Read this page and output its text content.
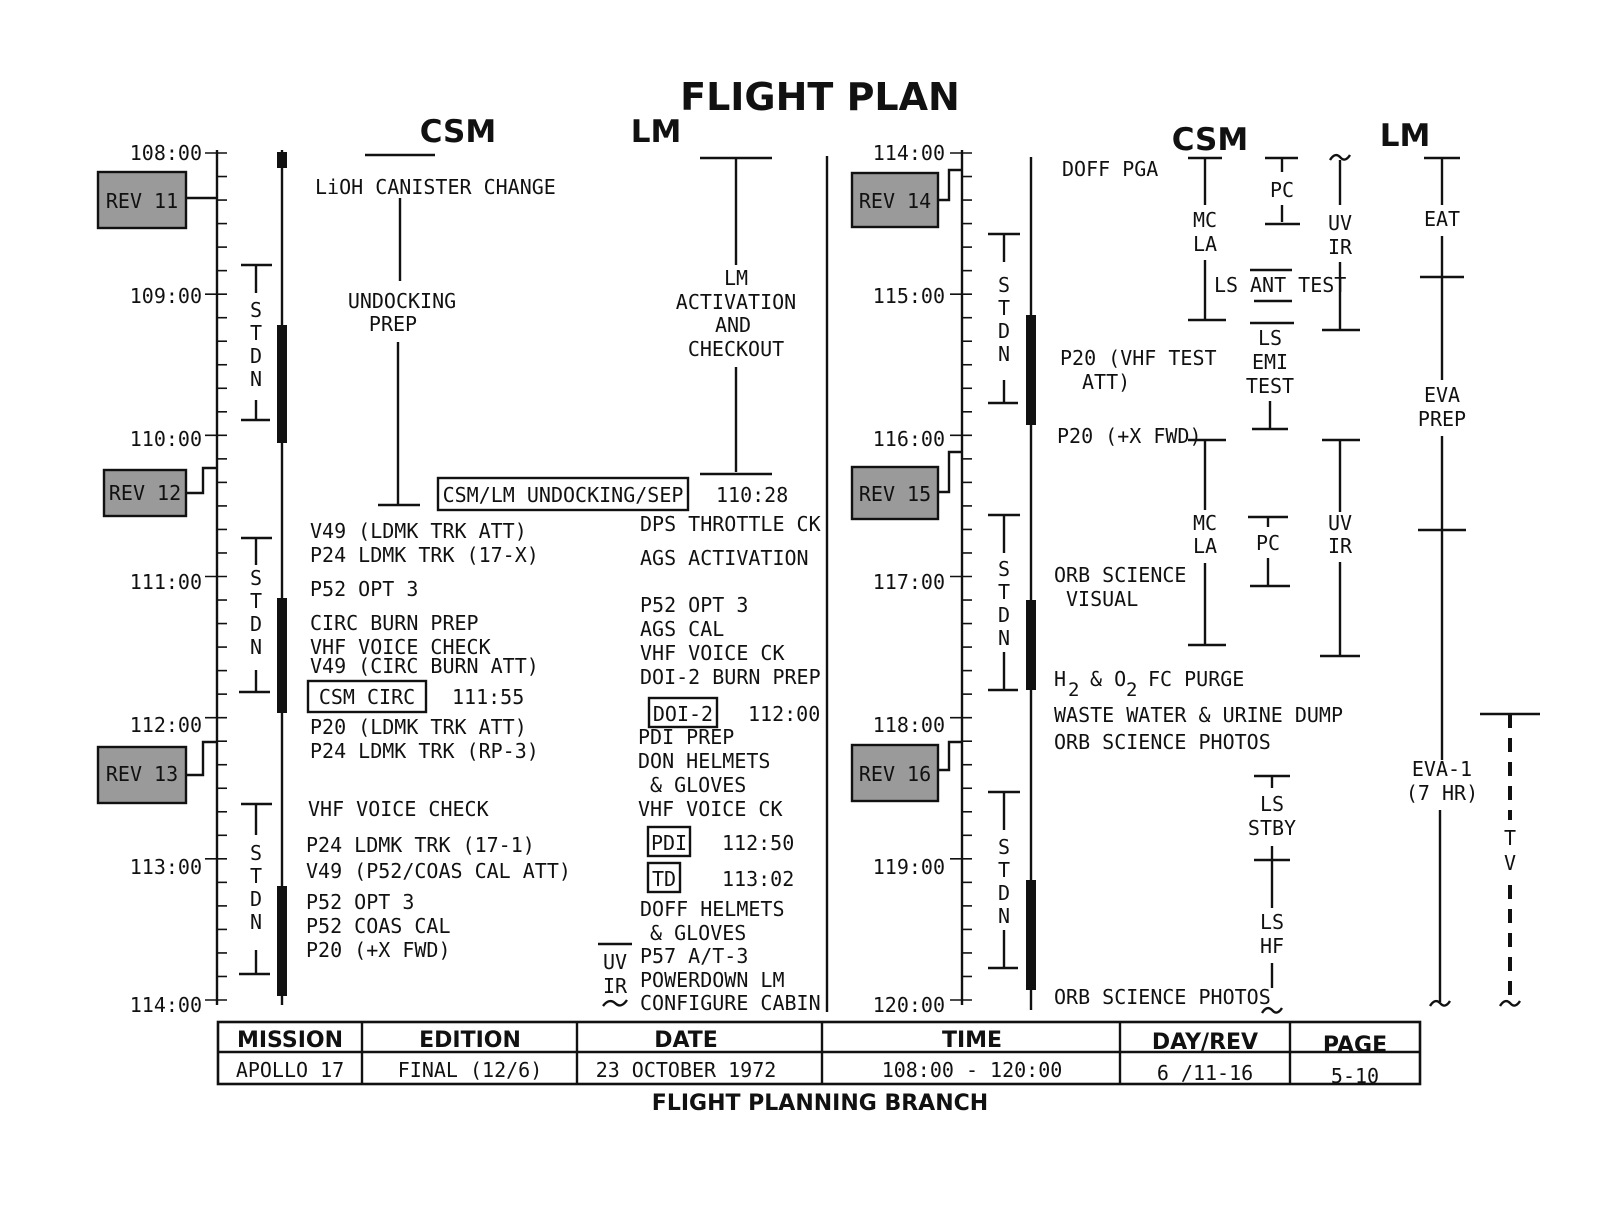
FLIGHT PLAN
CSM	LM
108:00
109:00
110:00
111:00
112:00
113:00
114:00
REV 11
REV 12
REV 13
S
T
D
N
S
T
D
N
S
T
D
N
LiOH CANISTER CHANGE
UNDOCKING
PREP
CSM/LM UNDOCKING/SEP 110:28
V49 (LDMK TRK ATT)
P24 LDMK TRK (17-X)
P52 OPT 3
CIRC BURN PREP
VHF VOICE CHECK
V49 (CIRC BURN ATT)
CSM CIRC 111:55
P20 (LDMK TRK ATT)
P24 LDMK TRK (RP-3)
VHF VOICE CHECK
P24 LDMK TRK (17-1)
V49 (P52/COAS CAL ATT)
P52 OPT 3
P52 COAS CAL
P20 (+X FWD)
LM
ACTIVATION
AND
CHECKOUT
DPS THROTTLE CK
AGS ACTIVATION
P52 OPT 3
AGS CAL
VHF VOICE CK
DOI-2 BURN PREP
DOI-2 112:00
PDI PREP
DON HELMETS
& GLOVES
VHF VOICE CK
PDI 112:50
TD 113:02
DOFF HELMETS
& GLOVES
UV
IR
P57 A/T-3
POWERDOWN LM
CONFIGURE CABIN
CSM	LM
114:00
115:00
116:00
117:00
118:00
119:00
120:00
REV 14
REV 15
REV 16
S
T
D
N
S
T
D
N
S
T
D
N
DOFF PGA
P20 (VHF TEST
ATT)
P20 (+X FWD)
ORB SCIENCE
VISUAL
H 2 & O 2 FC PURGE
WASTE WATER & URINE DUMP
ORB SCIENCE PHOTOS
ORB SCIENCE PHOTOS
MC
LA
MC
LA
PC
PC
UV
IR
UV
IR
LS ANT TEST
LS
EMI
TEST
LS
STBY
LS
HF
EAT
EVA
PREP
EVA-1
(7 HR)
T
V
MISSION	EDITION	DATE	TIME	DAY/REV	PAGE
APOLLO 17	FINAL (12/6)	23 OCTOBER 1972	108:00 - 120:00	6 /11-16	5-10
FLIGHT PLANNING BRANCH
